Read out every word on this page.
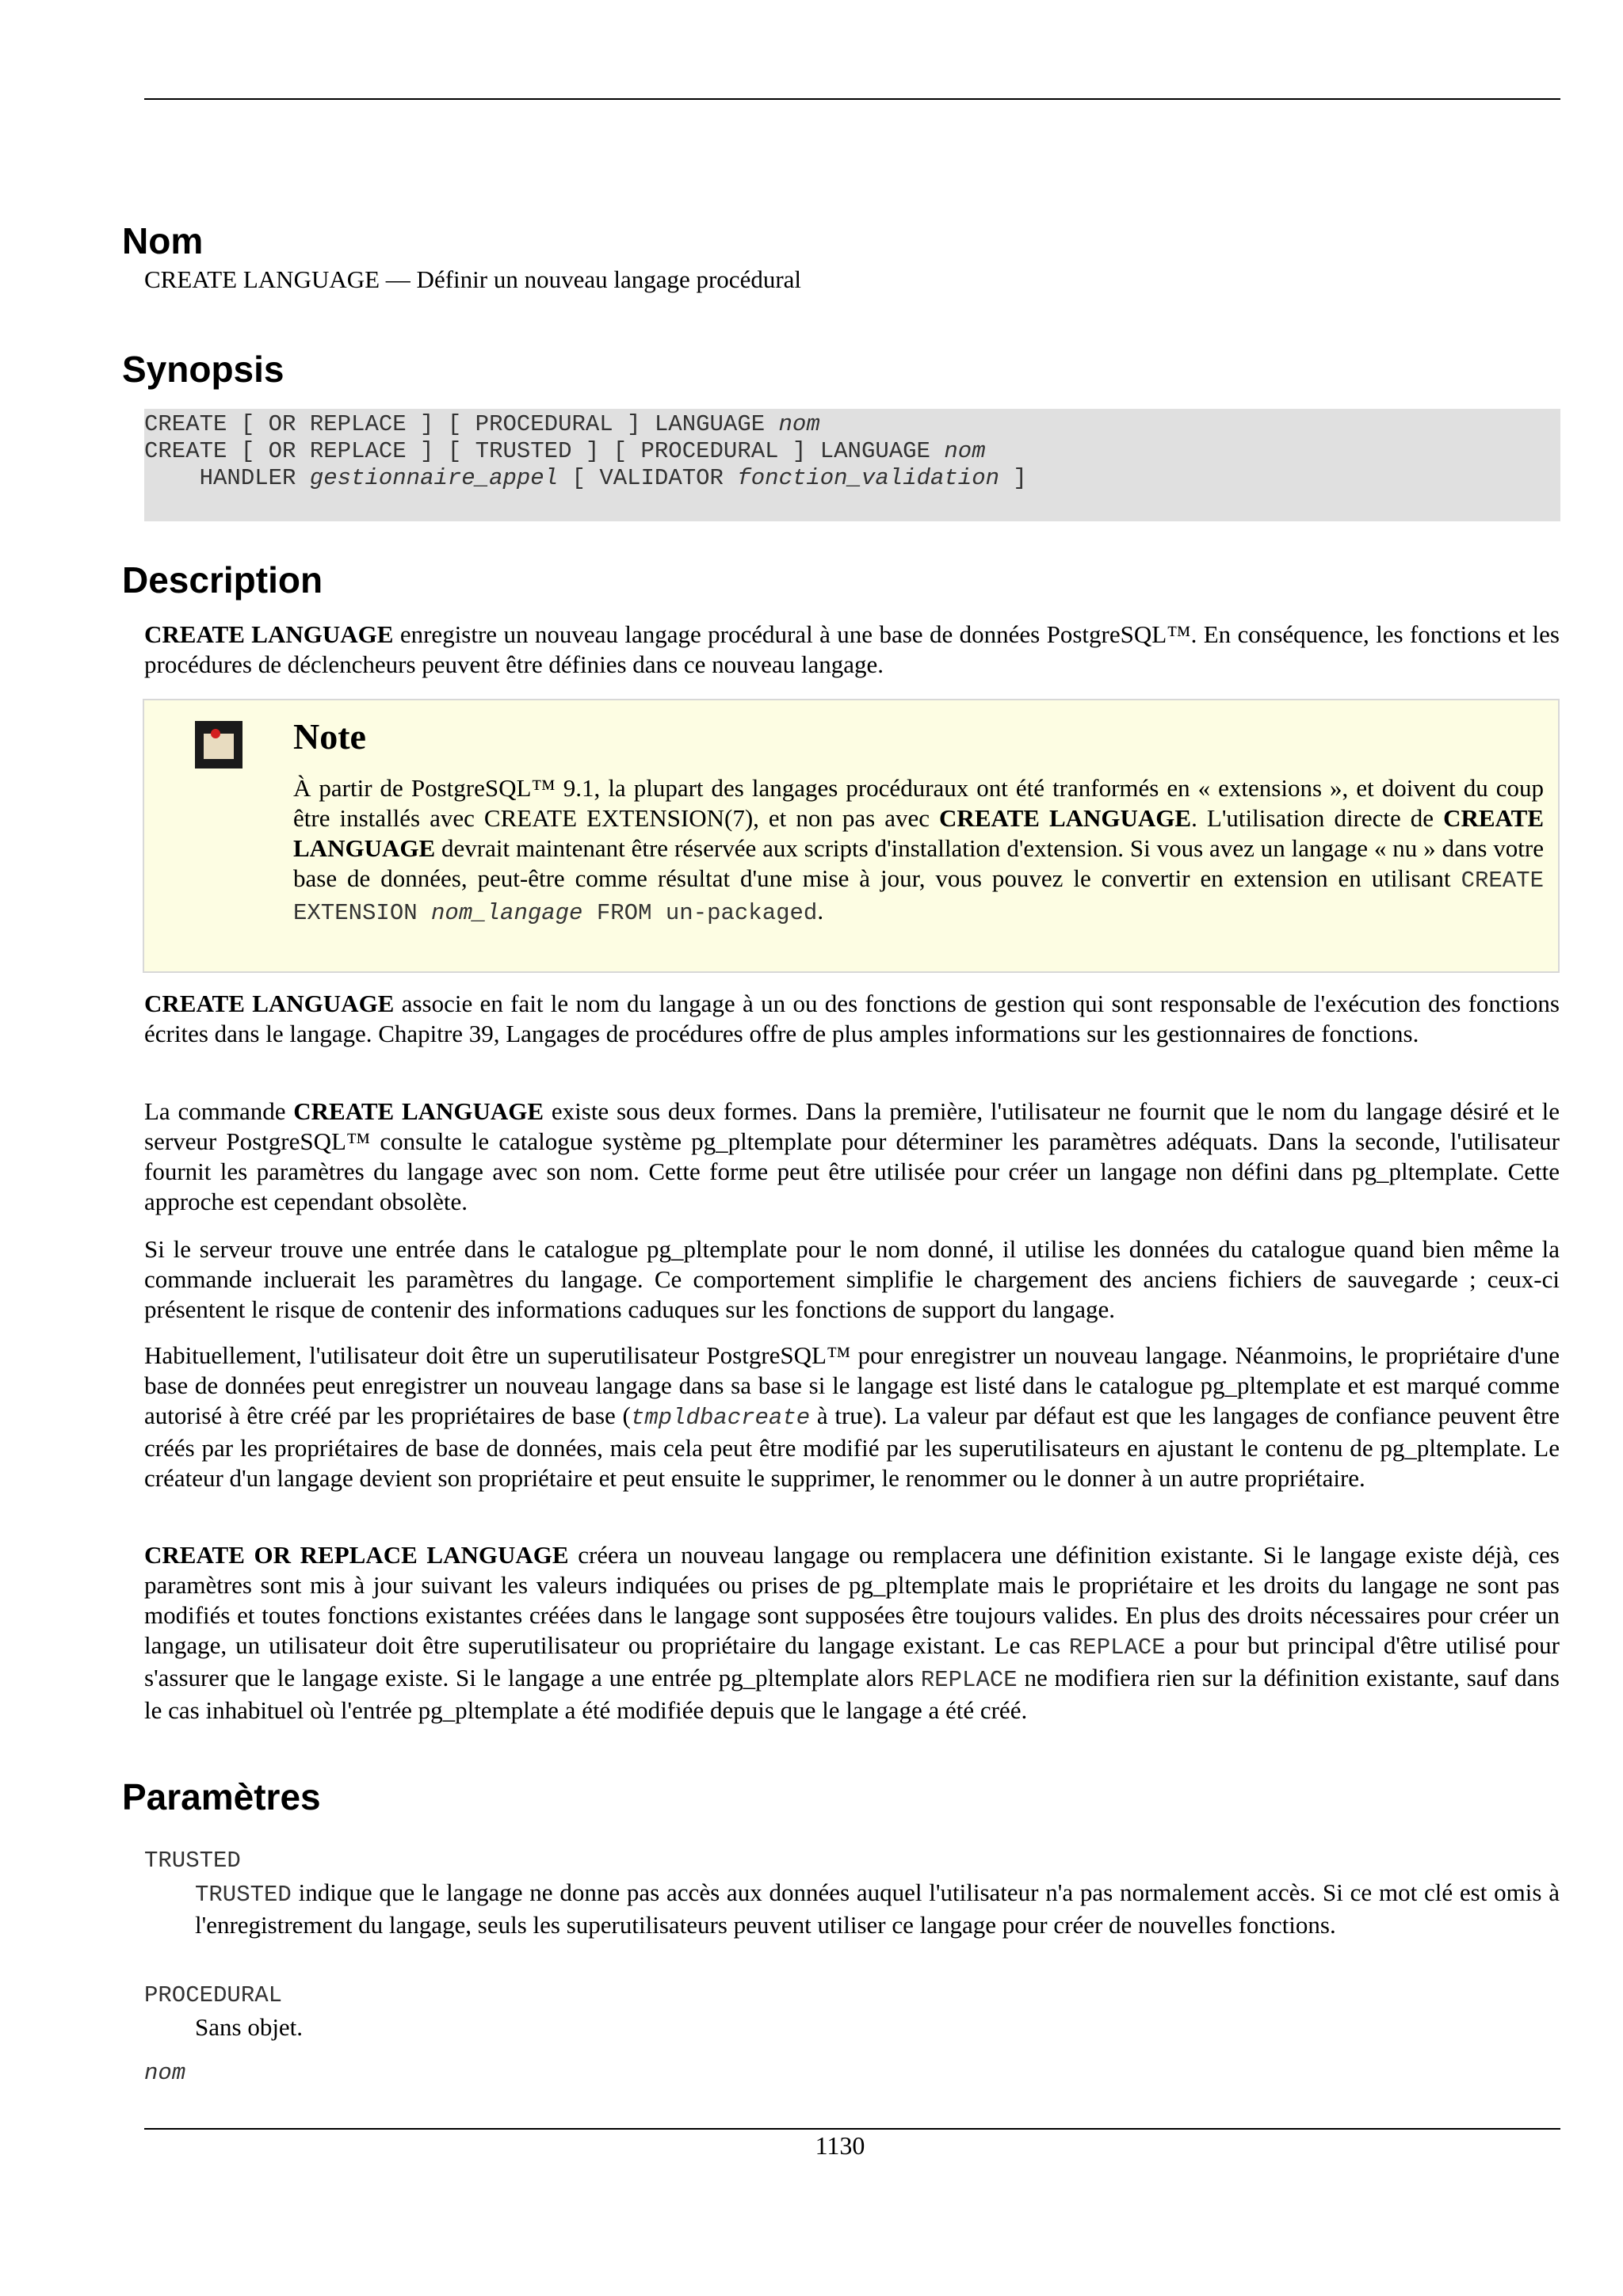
Nom

CREATE LANGUAGE — Définir un nouveau langage procédural

Synopsis
CREATE [ OR REPLACE ] [ PROCEDURAL ] LANGUAGE nom
CREATE [ OR REPLACE ] [ TRUSTED ] [ PROCEDURAL ] LANGUAGE nom
HANDLER gestionnaire_appel [ VALIDATOR fonction_validation ]
Description

CREATE LANGUAGE enregistre un nouveau langage procédural à une base de données PostgreSQL™. En conséquence, les fonctions et les procédures de déclencheurs peuvent être définies dans ce nouveau langage.

Note

À partir de PostgreSQL™ 9.1, la plupart des langages procéduraux ont été tranformés en « extensions », et doivent du coup être installés avec CREATE EXTENSION(7), et non pas avec CREATE LANGUAGE. L'utilisation directe de CREATE LANGUAGE devrait maintenant être réservée aux scripts d'installation d'extension. Si vous avez un langage « nu » dans votre base de données, peut-être comme résultat d'une mise à jour, vous pouvez le convertir en extension en utilisant CREATE EXTENSION nom_langage FROM un-packaged.

CREATE LANGUAGE associe en fait le nom du langage à un ou des fonctions de gestion qui sont responsable de l'exécution des fonctions écrites dans le langage. Chapitre 39, Langages de procédures offre de plus amples informations sur les gestionnaires de fonctions.

La commande CREATE LANGUAGE existe sous deux formes. Dans la première, l'utilisateur ne fournit que le nom du langage désiré et le serveur PostgreSQL™ consulte le catalogue système pg_pltemplate pour déterminer les paramètres adéquats. Dans la seconde, l'utilisateur fournit les paramètres du langage avec son nom. Cette forme peut être utilisée pour créer un langage non défini dans pg_pltemplate. Cette approche est cependant obsolète.

Si le serveur trouve une entrée dans le catalogue pg_pltemplate pour le nom donné, il utilise les données du catalogue quand bien même la commande incluerait les paramètres du langage. Ce comportement simplifie le chargement des anciens fichiers de sauvegarde ; ceux-ci présentent le risque de contenir des informations caduques sur les fonctions de support du langage.

Habituellement, l'utilisateur doit être un superutilisateur PostgreSQL™ pour enregistrer un nouveau langage. Néanmoins, le propriétaire d'une base de données peut enregistrer un nouveau langage dans sa base si le langage est listé dans le catalogue pg_pltemplate et est marqué comme autorisé à être créé par les propriétaires de base (tmpldbacreate à true). La valeur par défaut est que les langages de confiance peuvent être créés par les propriétaires de base de données, mais cela peut être modifié par les superutilisateurs en ajustant le contenu de pg_pltemplate. Le créateur d'un langage devient son propriétaire et peut ensuite le supprimer, le renommer ou le donner à un autre propriétaire.

CREATE OR REPLACE LANGUAGE créera un nouveau langage ou remplacera une définition existante. Si le langage existe déjà, ces paramètres sont mis à jour suivant les valeurs indiquées ou prises de pg_pltemplate mais le propriétaire et les droits du langage ne sont pas modifiés et toutes fonctions existantes créées dans le langage sont supposées être toujours valides. En plus des droits nécessaires pour créer un langage, un utilisateur doit être superutilisateur ou propriétaire du langage existant. Le cas REPLACE a pour but principal d'être utilisé pour s'assurer que le langage existe. Si le langage a une entrée pg_pltemplate alors REPLACE ne modifiera rien sur la définition existante, sauf dans le cas inhabituel où l'entrée pg_pltemplate a été modifiée depuis que le langage a été créé.

Paramètres

TRUSTED

TRUSTED indique que le langage ne donne pas accès aux données auquel l'utilisateur n'a pas normalement accès. Si ce mot clé est omis à l'enregistrement du langage, seuls les superutilisateurs peuvent utiliser ce langage pour créer de nouvelles fonctions.

PROCEDURAL

Sans objet.

nom

1130
